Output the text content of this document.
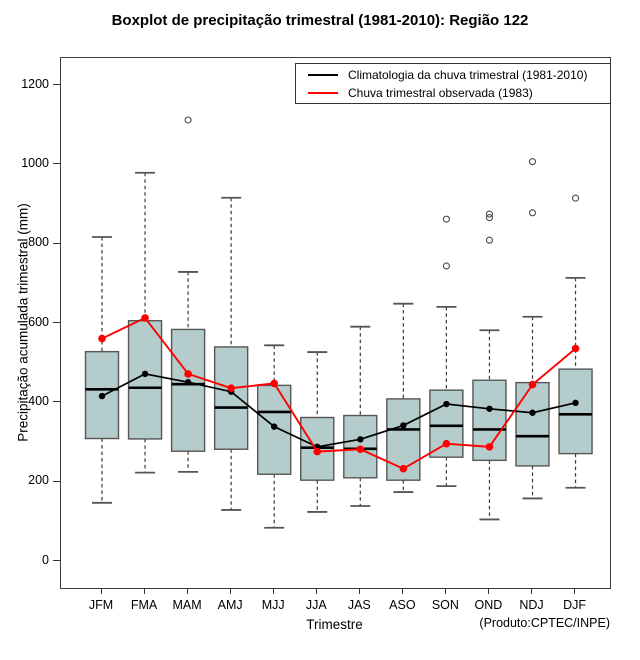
Boxplot de precipitação trimestral (1981-2010): Região 122
Climatologia da chuva trimestral (1981-2010)
Chuva trimestral observada (1983)
0
200
400
600
800
1000
1200
JFM	FMA	MAM	AMJ	MJJ	JJA	JAS	ASO	SON	OND	NDJ	DJF
Precipitação acumulada trimestral (mm)
Trimestre	(Produto:CPTEC/INPE)
